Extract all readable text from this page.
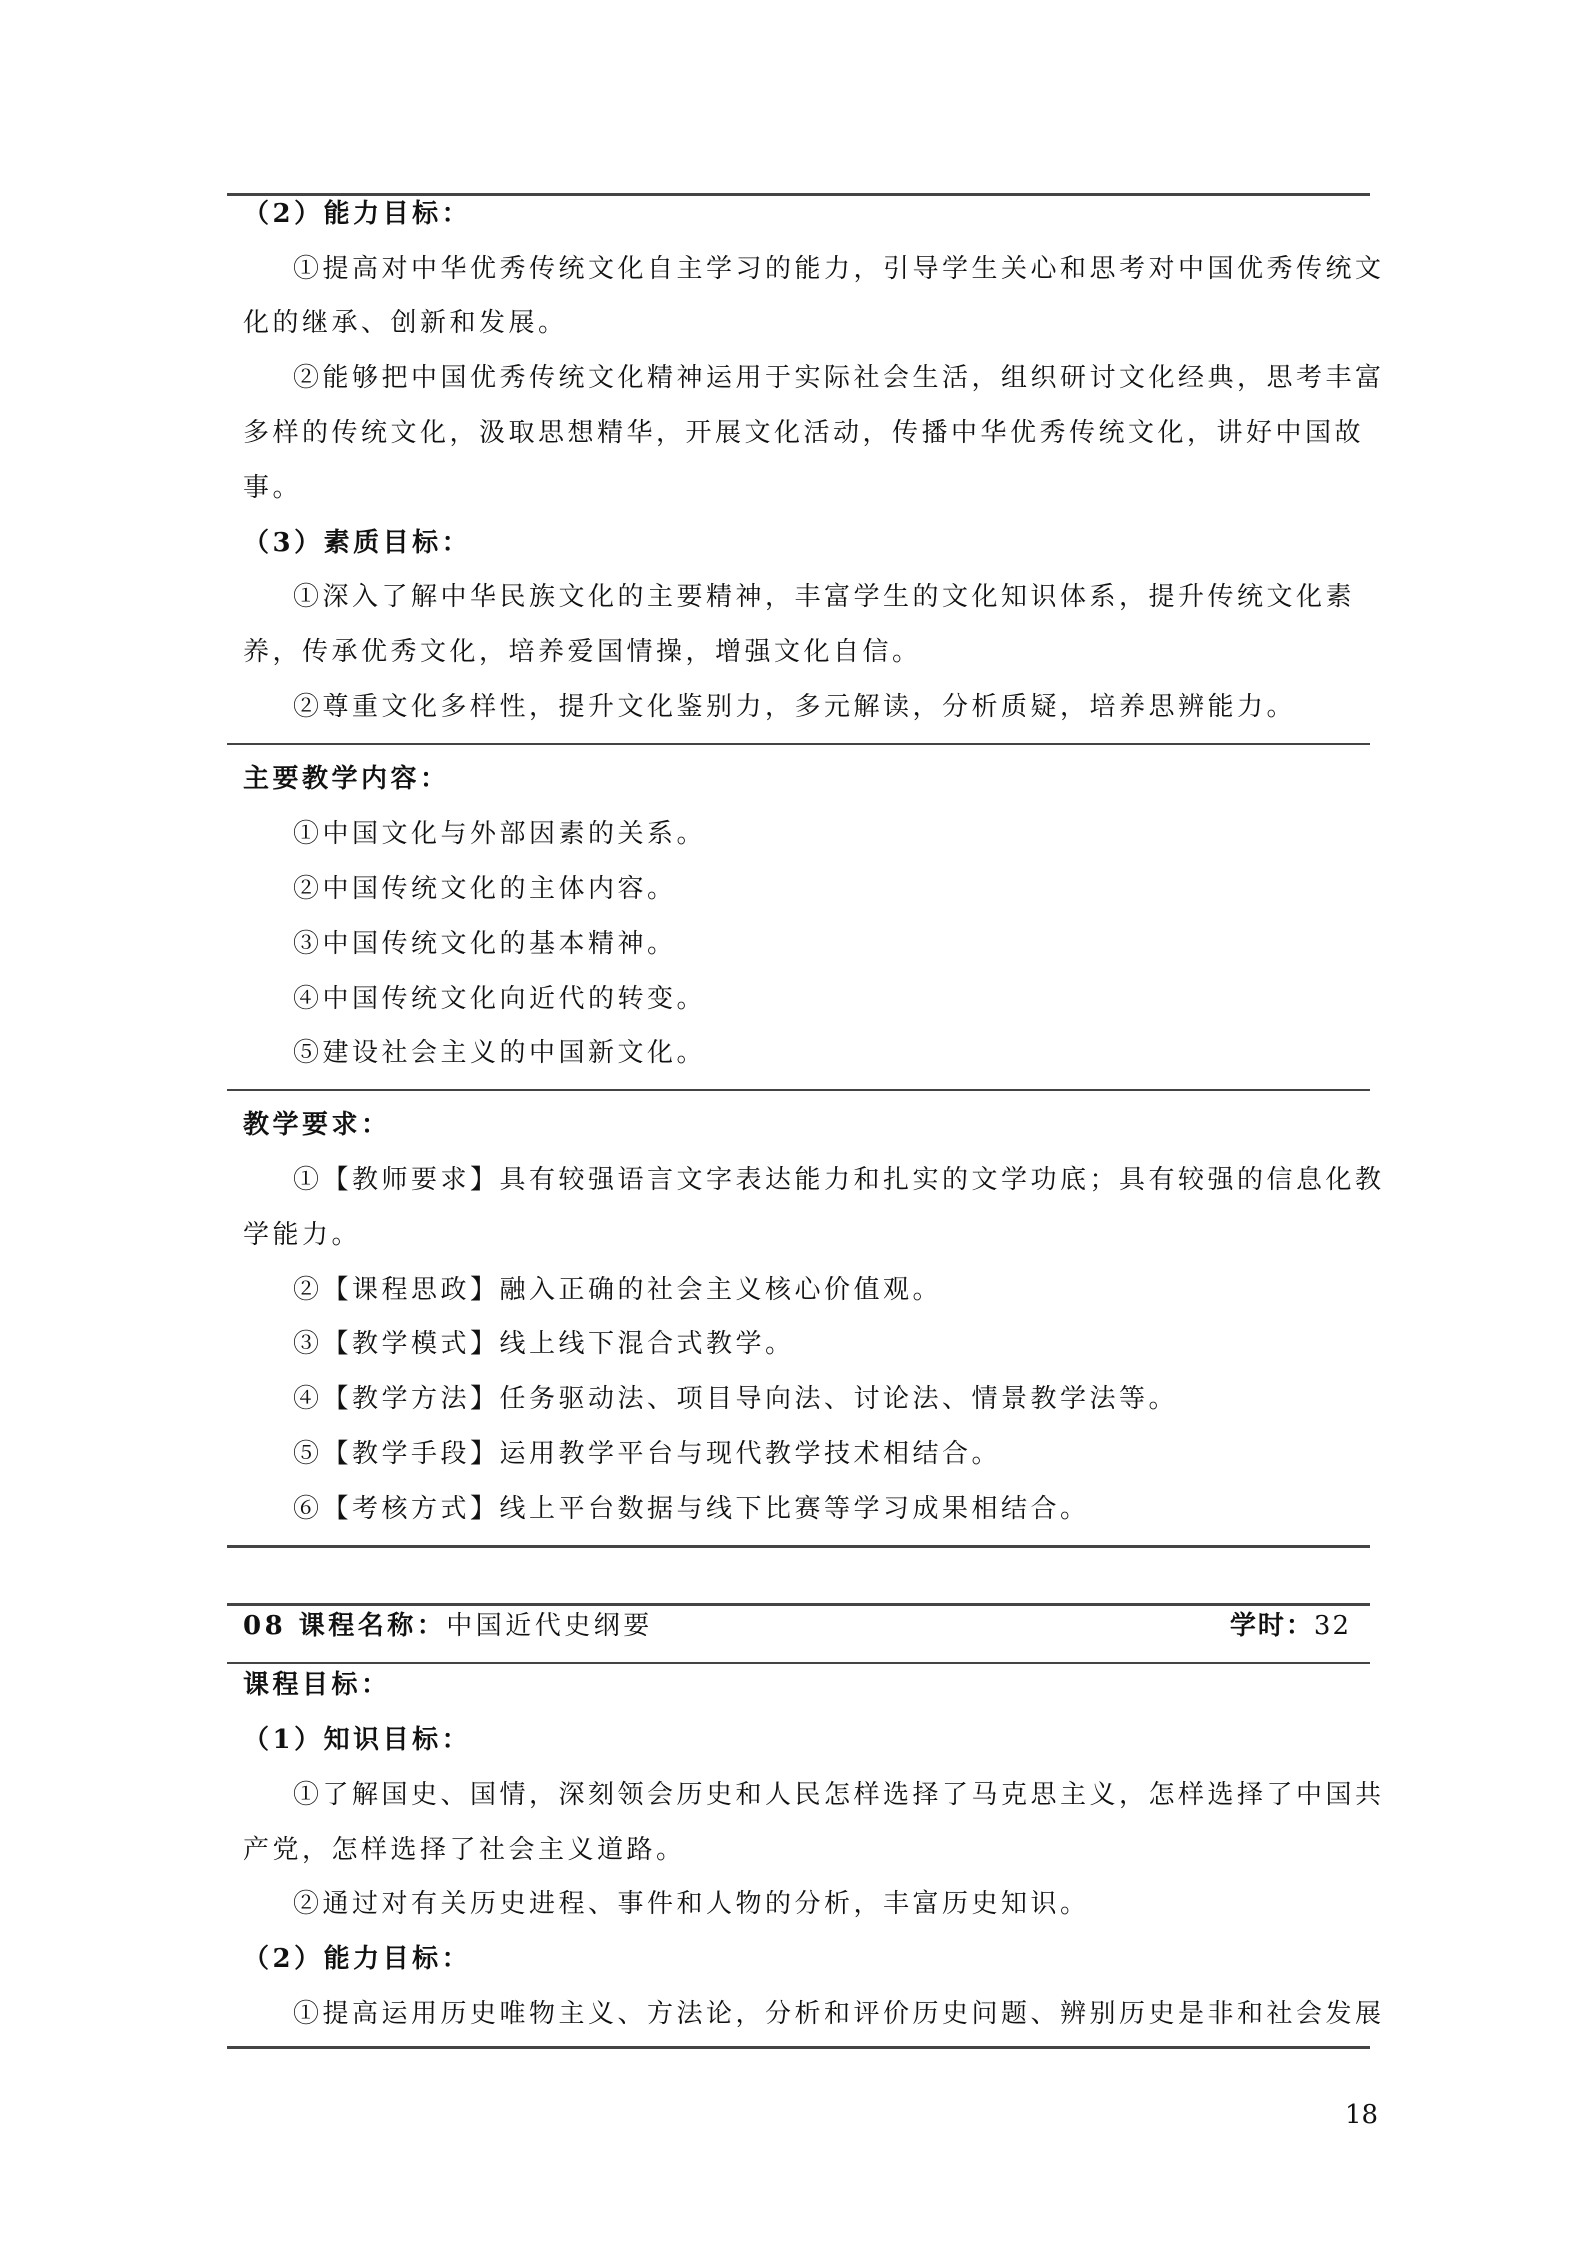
（2）能力目标：
①提高对中华优秀传统文化自主学习的能力，引导学生关心和思考对中国优秀传统文
化的继承、创新和发展。
②能够把中国优秀传统文化精神运用于实际社会生活，组织研讨文化经典，思考丰富
多样的传统文化，汲取思想精华，开展文化活动，传播中华优秀传统文化，讲好中国故
事。
（3）素质目标：
①深入了解中华民族文化的主要精神，丰富学生的文化知识体系，提升传统文化素
养，传承优秀文化，培养爱国情操，增强文化自信。
②尊重文化多样性，提升文化鉴别力，多元解读，分析质疑，培养思辨能力。
主要教学内容：
①中国文化与外部因素的关系。
②中国传统文化的主体内容。
③中国传统文化的基本精神。
④中国传统文化向近代的转变。
⑤建设社会主义的中国新文化。
教学要求：
①【教师要求】具有较强语言文字表达能力和扎实的文学功底；具有较强的信息化教
学能力。
②【课程思政】融入正确的社会主义核心价值观。
③【教学模式】线上线下混合式教学。
④【教学方法】任务驱动法、项目导向法、讨论法、情景教学法等。
⑤【教学手段】运用教学平台与现代教学技术相结合。
⑥【考核方式】线上平台数据与线下比赛等学习成果相结合。
08 课程名称：中国近代史纲要	学时：32
课程目标：
（1）知识目标：
①了解国史、国情，深刻领会历史和人民怎样选择了马克思主义，怎样选择了中国共
产党，怎样选择了社会主义道路。
②通过对有关历史进程、事件和人物的分析，丰富历史知识。
（2）能力目标：
①提高运用历史唯物主义、方法论，分析和评价历史问题、辨别历史是非和社会发展
18
